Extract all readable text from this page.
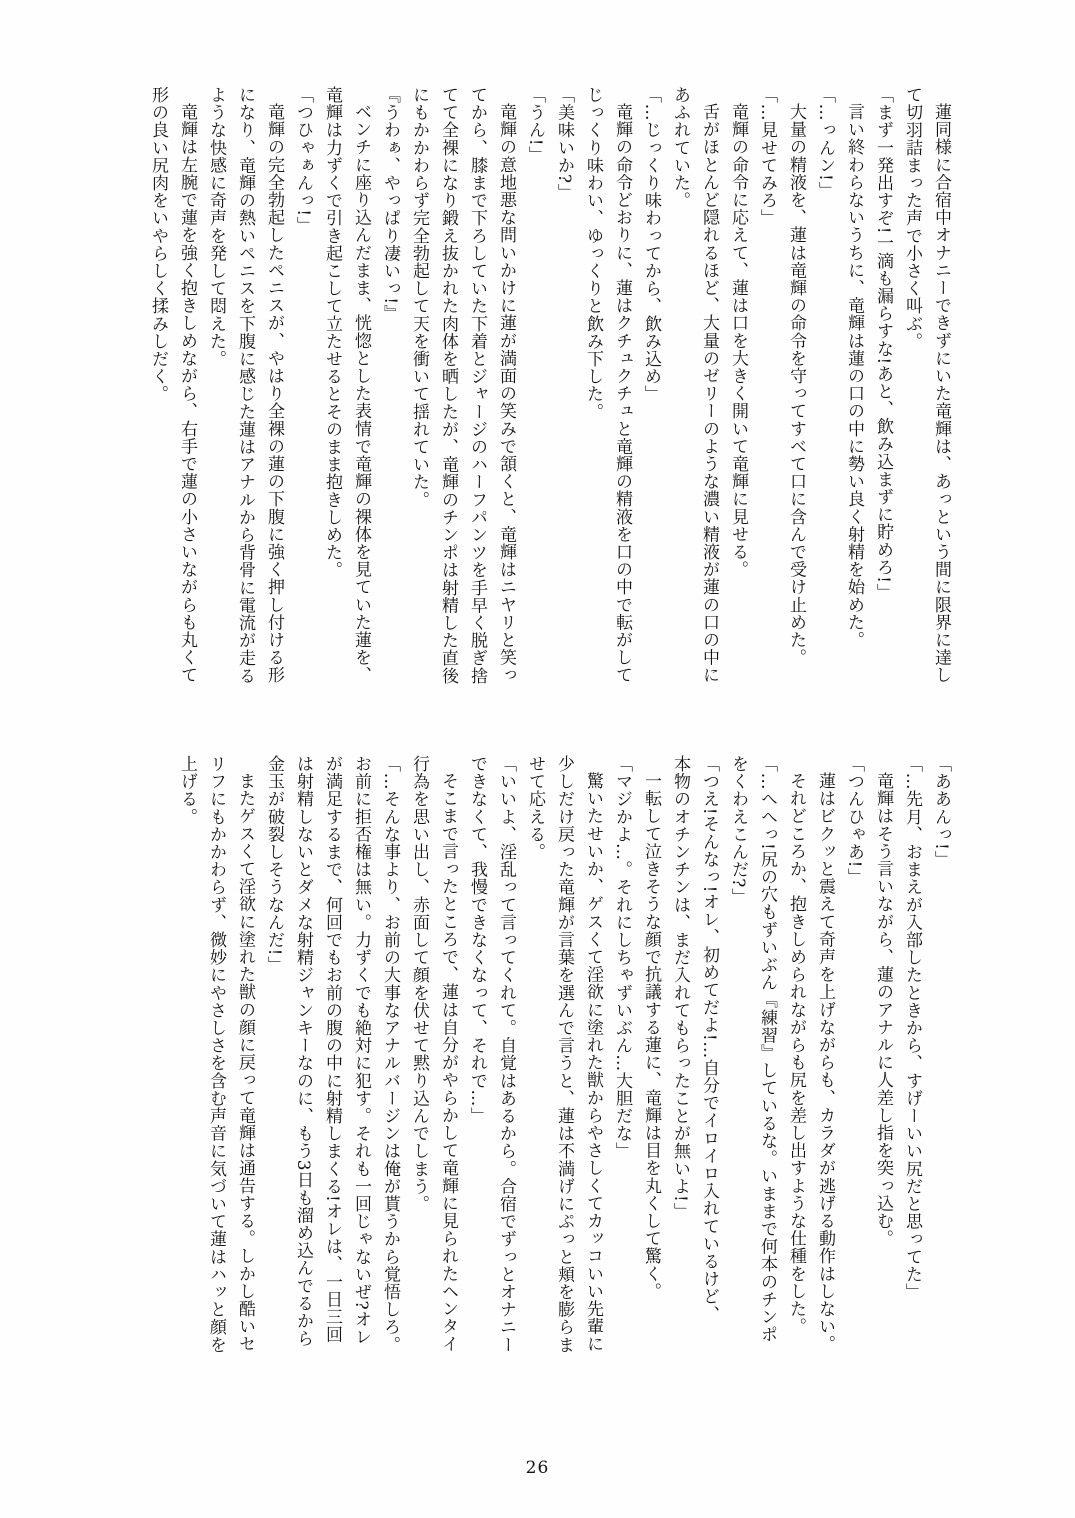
蓮同様に合宿中オナニーできずにいた竜輝は、あっという間に限界に達し
て切羽詰まった声で小さく叫ぶ。
「まず一発出すぞ!一滴も漏らすな!あと、飲み込まずに貯めろ!」
言い終わらないうちに、竜輝は蓮の口の中に勢い良く射精を始めた。
「…っんン!」
大量の精液を、蓮は竜輝の命令を守ってすべて口に含んで受け止めた。
「…見せてみろ」
竜輝の命令に応えて、蓮は口を大きく開いて竜輝に見せる。
舌がほとんど隠れるほど、大量のゼリーのような濃い精液が蓮の口の中に
あふれていた。
「…じっくり味わってから、飲み込め」
竜輝の命令どおりに、蓮はクチュクチュと竜輝の精液を口の中で転がして
じっくり味わい、ゆっくりと飲み下した。
「美味いか?」
「うん!」
竜輝の意地悪な問いかけに蓮が満面の笑みで頷くと、竜輝はニヤリと笑っ
てから、膝まで下ろしていた下着とジャージのハーフパンツを手早く脱ぎ捨
てて全裸になり鍛え抜かれた肉体を晒したが、竜輝のチンポは射精した直後
にもかかわらず完全勃起して天を衝いて揺れていた。
『うわぁ、やっぱり凄いっ!』
ベンチに座り込んだまま、恍惚とした表情で竜輝の裸体を見ていた蓮を、
竜輝は力ずくで引き起こして立たせるとそのまま抱きしめた。
「つひゃぁんっ!」
竜輝の完全勃起したペニスが、やはり全裸の蓮の下腹に強く押し付ける形
になり、竜輝の熱いペニスを下腹に感じた蓮はアナルから背骨に電流が走る
ような快感に奇声を発して悶えた。
竜輝は左腕で蓮を強く抱きしめながら、右手で蓮の小さいながらも丸くて
形の良い尻肉をいやらしく揉みしだく。
「ああんっ!」
「…先月、おまえが入部したときから、すげーいい尻だと思ってた」
竜輝はそう言いながら、蓮のアナルに人差し指を突っ込む。
「つんひゃあ!」
蓮はビクッと震えて奇声を上げながらも、カラダが逃げる動作はしない。
それどころか、抱きしめられながらも尻を差し出すような仕種をした。
「…へへっ!尻の穴もずいぶん『練習』しているな。いままで何本のチンポ
をくわえこんだ?」
「つえ!そんなっ!オレ、初めてだよ!…自分でイロイロ入れているけど、
本物のオチンチンは、まだ入れてもらったことが無いよ!」
一転して泣きそうな顔で抗議する蓮に、竜輝は目を丸くして驚く。
「マジかよ…。それにしちゃずいぶん…大胆だな」
驚いたせいか、ゲスくて淫欲に塗れた獣からやさしくてカッコいい先輩に
少しだけ戻った竜輝が言葉を選んで言うと、蓮は不満げにぷっと頬を膨らま
せて応える。
「いいよ、淫乱って言ってくれて。自覚はあるから。合宿でずっとオナニー
できなくて、我慢できなくなって、それで…」
そこまで言ったところで、蓮は自分がやらかして竜輝に見られたヘンタイ
行為を思い出し、赤面して顔を伏せて黙り込んでしまう。
「…そんな事より、お前の大事なアナルバージンは俺が貰うから覚悟しろ。
お前に拒否権は無い。力ずくでも絶対に犯す。それも一回じゃないぜ?オレ
が満足するまで、何回でもお前の腹の中に射精しまくる!オレは、一日三回
は射精しないとダメな射精ジャンキーなのに、もう3日も溜め込んでるから
金玉が破裂しそうなんだ!」
またゲスくて淫欲に塗れた獣の顔に戻って竜輝は通告する。しかし酷いセ
リフにもかかわらず、微妙にやさしさを含む声音に気づいて蓮はハッと顔を
上げる。
26
